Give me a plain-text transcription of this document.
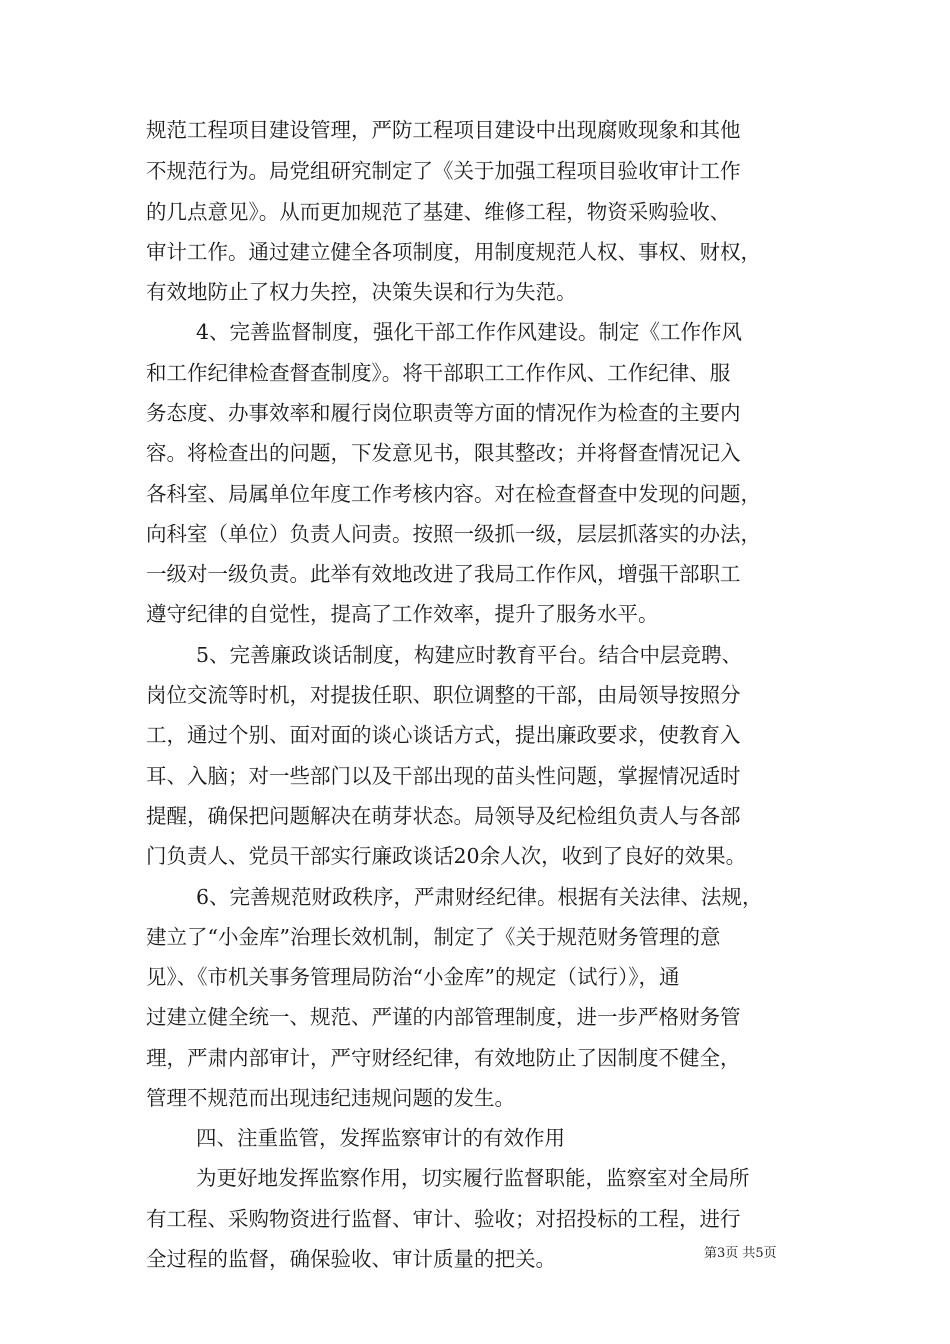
规范工程项目建设管理，严防工程项目建设中出现腐败现象和其他
不规范行为。局党组研究制定了《关于加强工程项目验收审计工作
的几点意见》。从而更加规范了基建、维修工程，物资采购验收、
审计工作。通过建立健全各项制度，用制度规范人权、事权、财权，
有效地防止了权力失控，决策失误和行为失范。
4、完善监督制度，强化干部工作作风建设。制定《工作作风
和工作纪律检查督查制度》。将干部职工工作作风、工作纪律、服
务态度、办事效率和履行岗位职责等方面的情况作为检查的主要内
容。将检查出的问题，下发意见书，限其整改；并将督查情况记入
各科室、局属单位年度工作考核内容。对在检查督查中发现的问题，
向科室（单位）负责人问责。按照一级抓一级，层层抓落实的办法，
一级对一级负责。此举有效地改进了我局工作作风，增强干部职工
遵守纪律的自觉性，提高了工作效率，提升了服务水平。
5、完善廉政谈话制度，构建应时教育平台。结合中层竞聘、
岗位交流等时机，对提拔任职、职位调整的干部，由局领导按照分
工，通过个别、面对面的谈心谈话方式，提出廉政要求，使教育入
耳、入脑；对一些部门以及干部出现的苗头性问题，掌握情况适时
提醒，确保把问题解决在萌芽状态。局领导及纪检组负责人与各部
门负责人、党员干部实行廉政谈话20余人次，收到了良好的效果。
6、完善规范财政秩序，严肃财经纪律。根据有关法律、法规，
建立了“小金库”治理长效机制，制定了《关于规范财务管理的意
见》、《市机关事务管理局防治“小金库”的规定（试行）》，通
过建立健全统一、规范、严谨的内部管理制度，进一步严格财务管
理，严肃内部审计，严守财经纪律，有效地防止了因制度不健全，
管理不规范而出现违纪违规问题的发生。
四、注重监管，发挥监察审计的有效作用
为更好地发挥监察作用，切实履行监督职能，监察室对全局所
有工程、采购物资进行监督、审计、验收；对招投标的工程，进行
全过程的监督，确保验收、审计质量的把关。	第3页 共5页
